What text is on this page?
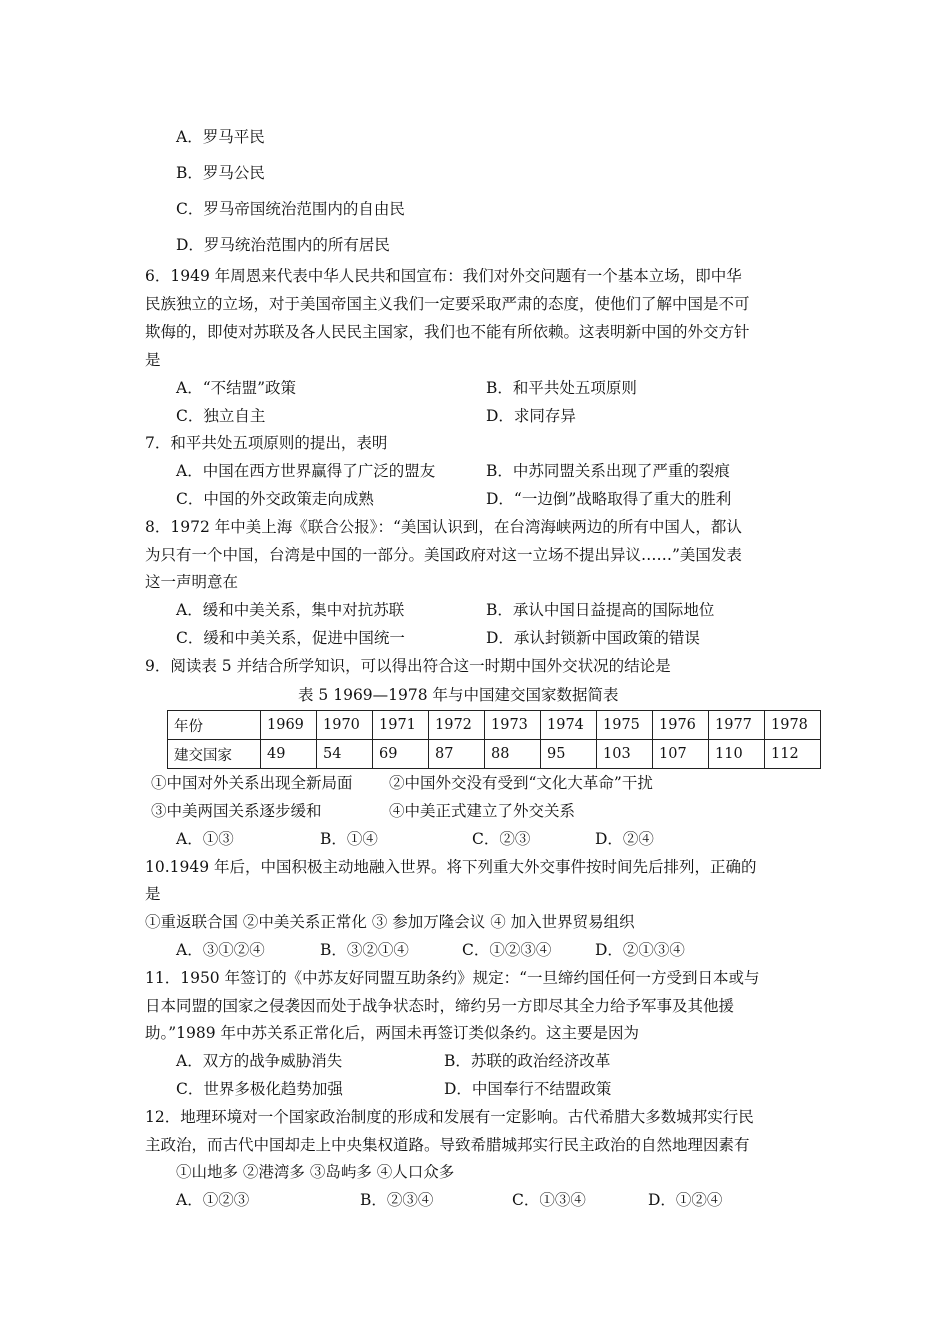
A．罗马平民
B．罗马公民
C．罗马帝国统治范围内的自由民
D．罗马统治范围内的所有居民
6．1949 年周恩来代表中华人民共和国宣布：我们对外交问题有一个基本立场，即中华
民族独立的立场，对于美国帝国主义我们一定要采取严肃的态度，使他们了解中国是不可
欺侮的，即使对苏联及各人民民主国家，我们也不能有所依赖。这表明新中国的外交方针
是
A．“不结盟”政策	B．和平共处五项原则
C．独立自主	D．求同存异
7．和平共处五项原则的提出，表明
A．中国在西方世界赢得了广泛的盟友	B．中苏同盟关系出现了严重的裂痕
C．中国的外交政策走向成熟	D．“一边倒”战略取得了重大的胜利
8．1972 年中美上海《联合公报》：“美国认识到，在台湾海峡两边的所有中国人，都认
为只有一个中国，台湾是中国的一部分。美国政府对这一立场不提出异议……”美国发表
这一声明意在
A．缓和中美关系，集中对抗苏联	B．承认中国日益提高的国际地位
C．缓和中美关系，促进中国统一	D．承认封锁新中国政策的错误
9．阅读表 5 并结合所学知识，可以得出符合这一时期中国外交状况的结论是
表 5 1969—1978 年与中国建交国家数据简表
年份	1969	1970	1971	1972	1973	1974	1975	1976	1977	1978
建交国家	49	54	69	87	88	95	103	107	110	112
①中国对外关系出现全新局面 ②中国外交没有受到“文化大革命”干扰
③中美两国关系逐步缓和	④中美正式建立了外交关系
A．①③	B．①④	C．②③	D．②④
10.1949 年后，中国积极主动地融入世界。将下列重大外交事件按时间先后排列，正确的
是
①重返联合国 ②中美关系正常化 ③ 参加万隆会议 ④ 加入世界贸易组织
A．③①②④	B．③②①④	C．①②③④	D．②①③④
11．1950 年签订的《中苏友好同盟互助条约》规定：“一旦缔约国任何一方受到日本或与
日本同盟的国家之侵袭因而处于战争状态时，缔约另一方即尽其全力给予军事及其他援
助。”1989 年中苏关系正常化后，两国未再签订类似条约。这主要是因为
A．双方的战争威胁消失	B．苏联的政治经济改革
C．世界多极化趋势加强	D．中国奉行不结盟政策
12．地理环境对一个国家政治制度的形成和发展有一定影响。古代希腊大多数城邦实行民
主政治，而古代中国却走上中央集权道路。导致希腊城邦实行民主政治的自然地理因素有
①山地多 ②港湾多 ③岛屿多 ④人口众多
A．①②③	B．②③④	C．①③④	D．①②④
